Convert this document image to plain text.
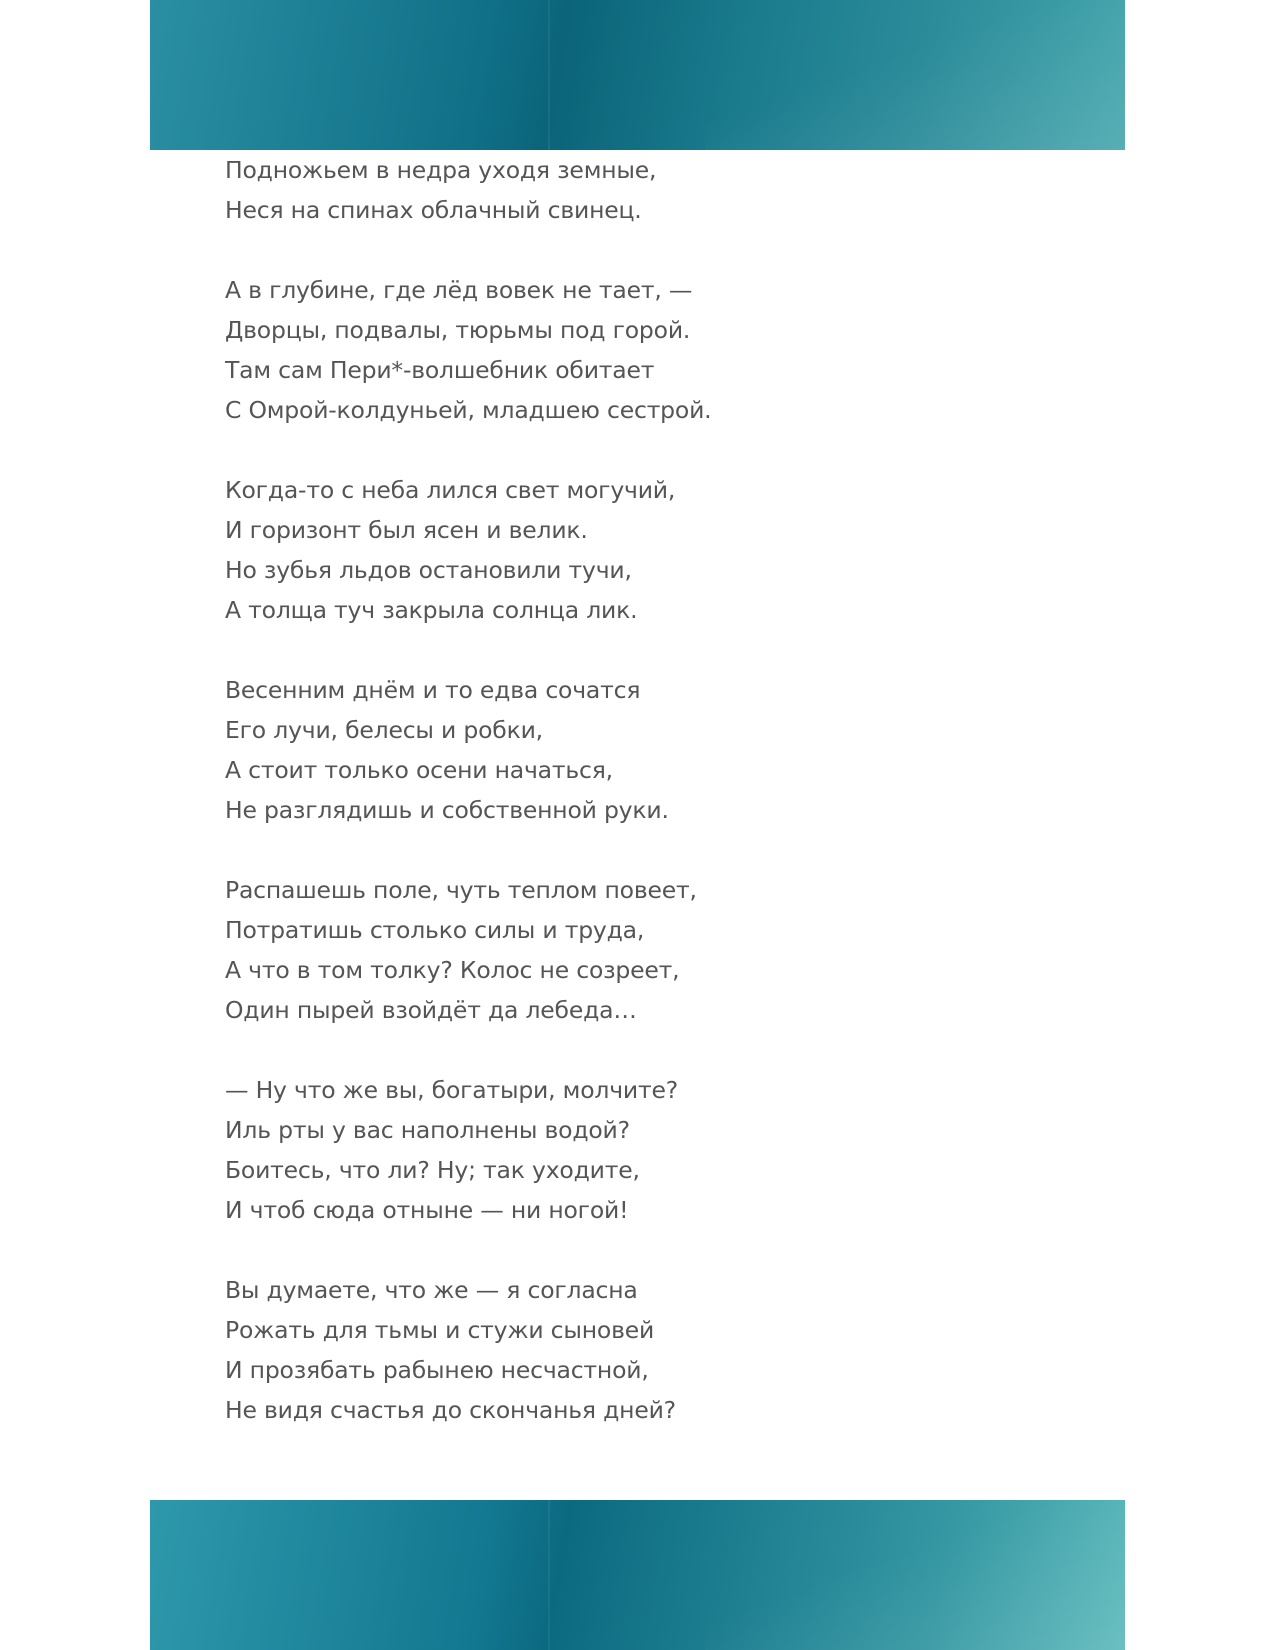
Подножьем в недра уходя земные,
Неся на спинах облачный свинец.
А в глубине, где лёд вовек не тает, —
Дворцы, подвалы, тюрьмы под горой.
Там сам Пери*-волшебник обитает
С Омрой-колдуньей, младшею сестрой.
Когда-то с неба лился свет могучий,
И горизонт был ясен и велик.
Но зубья льдов остановили тучи,
А толща туч закрыла солнца лик.
Весенним днём и то едва сочатся
Его лучи, белесы и робки,
А стоит только осени начаться,
Не разглядишь и собственной руки.
Распашешь поле, чуть теплом повеет,
Потратишь столько силы и труда,
А что в том толку? Колос не созреет,
Один пырей взойдёт да лебеда…
— Ну что же вы, богатыри, молчите?
Иль рты у вас наполнены водой?
Боитесь, что ли? Ну; так уходите,
И чтоб сюда отныне — ни ногой!
Вы думаете, что же — я согласна
Рожать для тьмы и стужи сыновей
И прозябать рабынею несчастной,
Не видя счастья до скончанья дней?
